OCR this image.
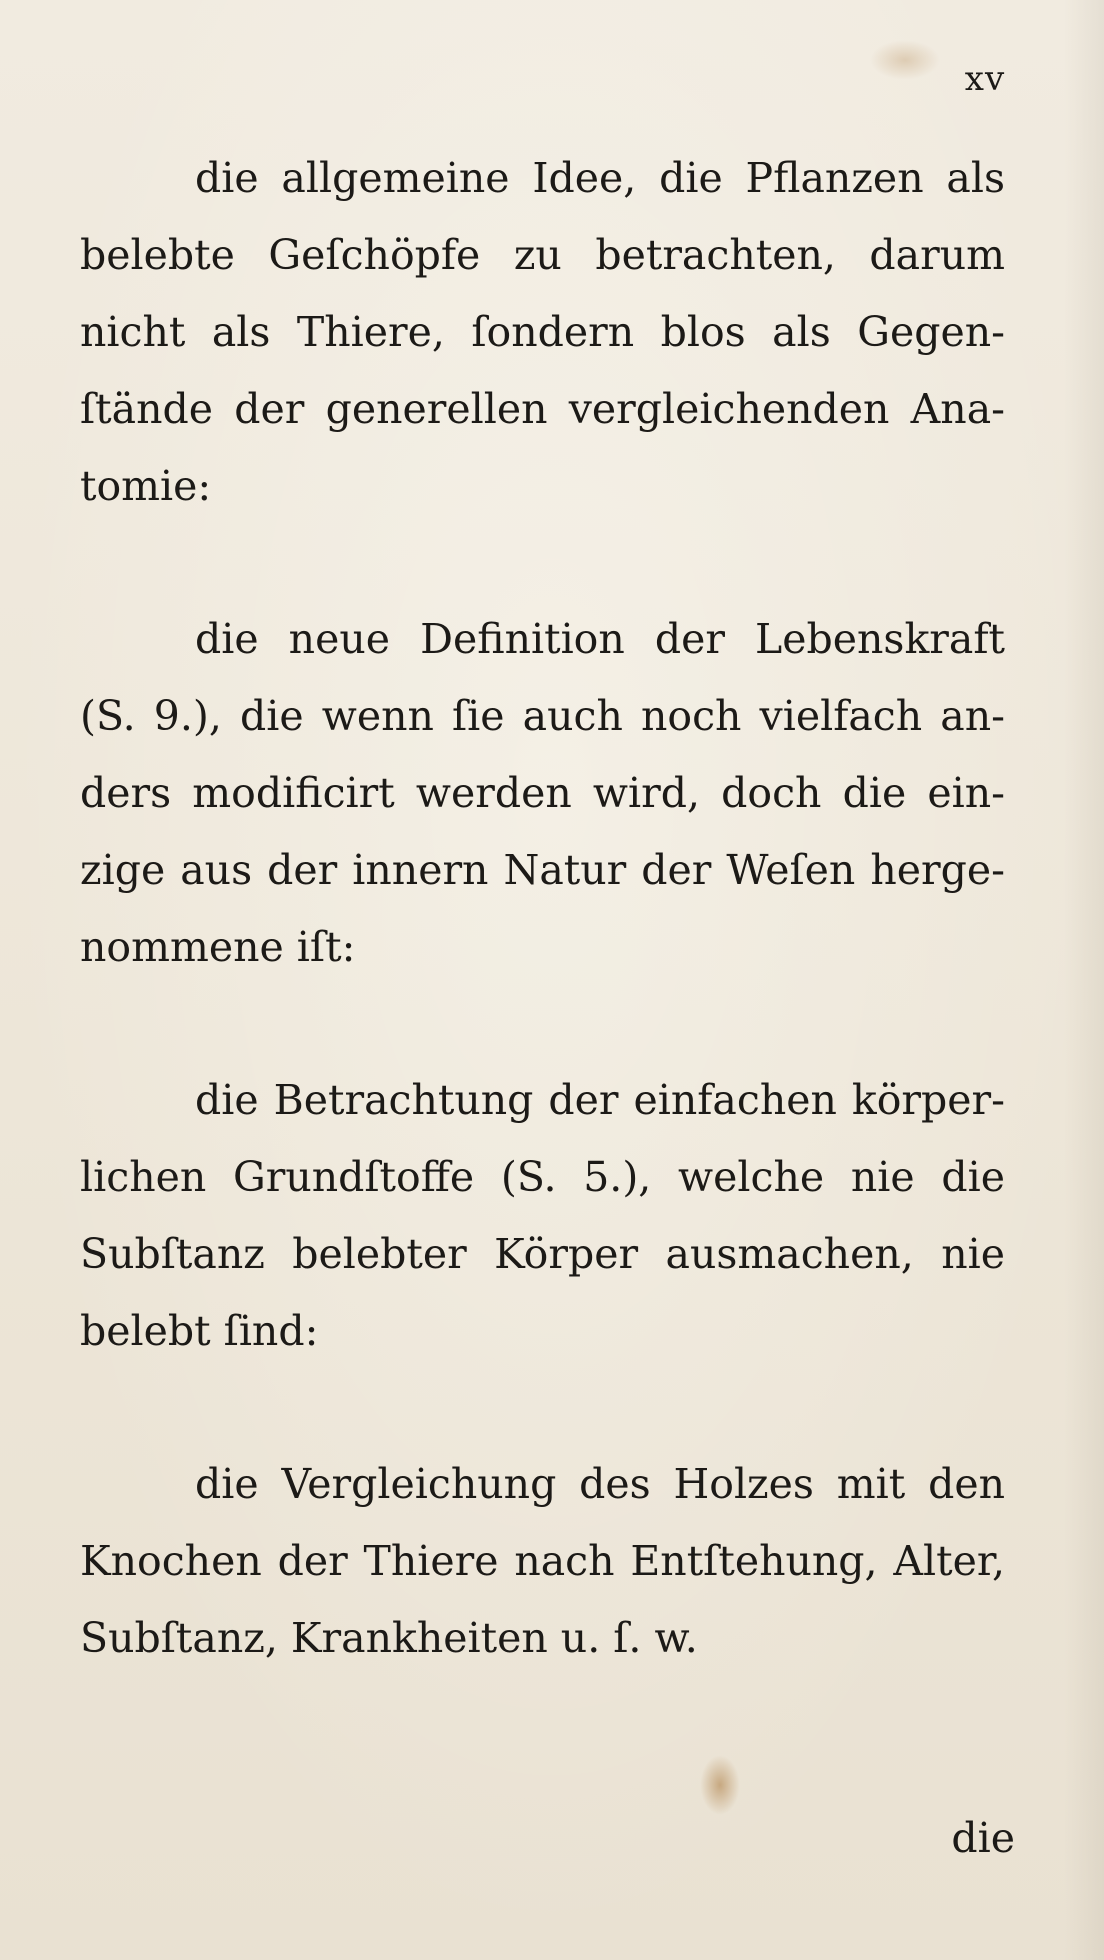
xv

die allgemeine Idee, die Pflanzen als belebte Geſchöpfe zu betrachten, darum nicht als Thiere, ſondern blos als Gegenſtände der generellen vergleichenden Anatomie:

die neue Definition der Lebenskraft (S. 9.), die wenn ſie auch noch vielfach anders modificirt werden wird, doch die einzige aus der innern Natur der Weſen hergenommene iſt:

die Betrachtung der einfachen körperlichen Grundſtoffe (S. 5.), welche nie die Subſtanz belebter Körper ausmachen, nie belebt ſind:

die Vergleichung des Holzes mit den Knochen der Thiere nach Entſtehung, Alter, Subſtanz, Krankheiten u. ſ. w.

die
